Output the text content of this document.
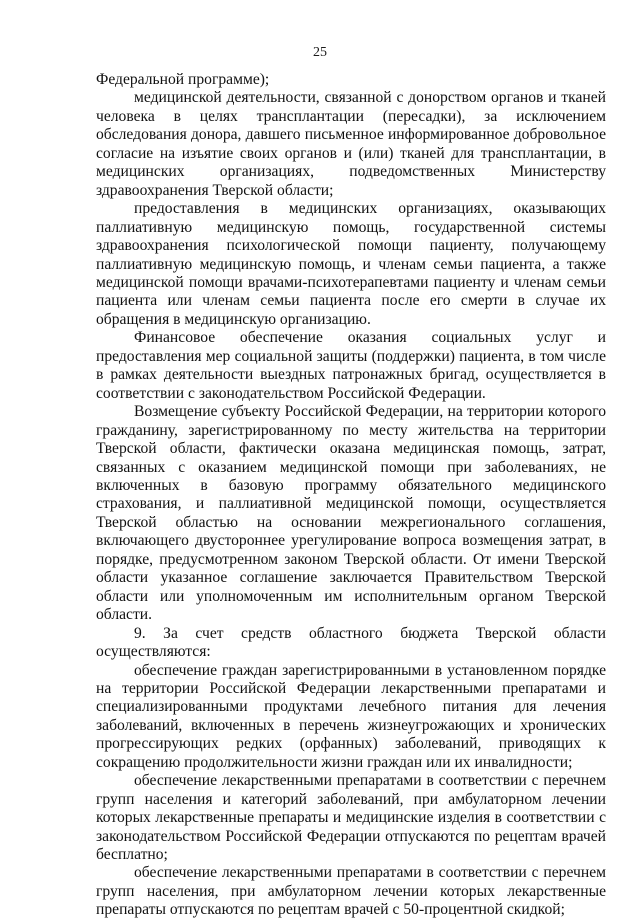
25

Федеральной программе);

медицинской деятельности, связанной с донорством органов и тканей человека в целях трансплантации (пересадки), за исключением обследования донора, давшего письменное информированное добровольное согласие на изъятие своих органов и (или) тканей для трансплантации, в медицинских организациях, подведомственных Министерству здравоохранения Тверской области;

предоставления в медицинских организациях, оказывающих паллиативную медицинскую помощь, государственной системы здравоохранения психологической помощи пациенту, получающему паллиативную медицинскую помощь, и членам семьи пациента, а также медицинской помощи врачами-психотерапевтами пациенту и членам семьи пациента или членам семьи пациента после его смерти в случае их обращения в медицинскую организацию.

Финансовое обеспечение оказания социальных услуг и предоставления мер социальной защиты (поддержки) пациента, в том числе в рамках деятельности выездных патронажных бригад, осуществляется в соответствии с законодательством Российской Федерации.

Возмещение субъекту Российской Федерации, на территории которого гражданину, зарегистрированному по месту жительства на территории Тверской области, фактически оказана медицинская помощь, затрат, связанных с оказанием медицинской помощи при заболеваниях, не включенных в базовую программу обязательного медицинского страхования, и паллиативной медицинской помощи, осуществляется Тверской областью на основании межрегионального соглашения, включающего двустороннее урегулирование вопроса возмещения затрат, в порядке, предусмотренном законом Тверской области. От имени Тверской области указанное соглашение заключается Правительством Тверской области или уполномоченным им исполнительным органом Тверской области.

9. За счет средств областного бюджета Тверской области осуществляются:

обеспечение граждан зарегистрированными в установленном порядке на территории Российской Федерации лекарственными препаратами и специализированными продуктами лечебного питания для лечения заболеваний, включенных в перечень жизнеугрожающих и хронических прогрессирующих редких (орфанных) заболеваний, приводящих к сокращению продолжительности жизни граждан или их инвалидности;

обеспечение лекарственными препаратами в соответствии с перечнем групп населения и категорий заболеваний, при амбулаторном лечении которых лекарственные препараты и медицинские изделия в соответствии с законодательством Российской Федерации отпускаются по рецептам врачей бесплатно;

обеспечение лекарственными препаратами в соответствии с перечнем групп населения, при амбулаторном лечении которых лекарственные препараты отпускаются по рецептам врачей с 50-процентной скидкой;
